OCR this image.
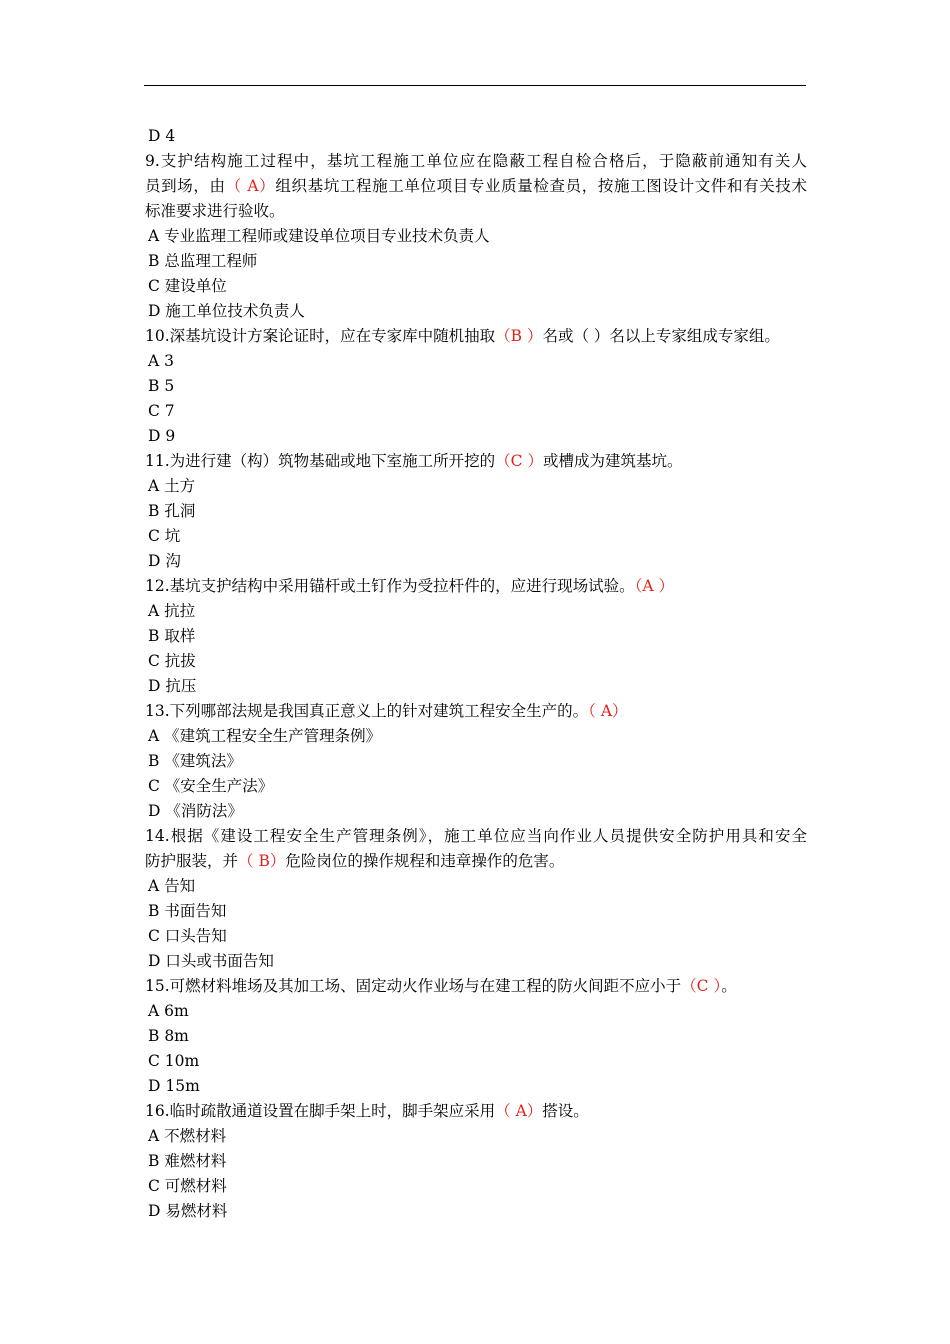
D 4
9.支护结构施工过程中，基坑工程施工单位应在隐蔽工程自检合格后，于隐蔽前通知有关人
员到场，由（ A）组织基坑工程施工单位项目专业质量检查员，按施工图设计文件和有关技术
标准要求进行验收。
A 专业监理工程师或建设单位项目专业技术负责人
B 总监理工程师
C 建设单位
D 施工单位技术负责人
10.深基坑设计方案论证时，应在专家库中随机抽取（B ）名或（ ）名以上专家组成专家组。
A 3
B 5
C 7
D 9
11.为进行建（构）筑物基础或地下室施工所开挖的（C ）或槽成为建筑基坑。
A 土方
B 孔洞
C 坑
D 沟
12.基坑支护结构中采用锚杆或土钉作为受拉杆件的，应进行现场试验。（A ）
A 抗拉
B 取样
C 抗拔
D 抗压
13.下列哪部法规是我国真正意义上的针对建筑工程安全生产的。（ A）
A 《建筑工程安全生产管理条例》
B 《建筑法》
C 《安全生产法》
D 《消防法》
14.根据《建设工程安全生产管理条例》，施工单位应当向作业人员提供安全防护用具和安全
防护服装，并（ B）危险岗位的操作规程和违章操作的危害。
A 告知
B 书面告知
C 口头告知
D 口头或书面告知
15.可燃材料堆场及其加工场、固定动火作业场与在建工程的防火间距不应小于（C ）。
A 6m
B 8m
C 10m
D 15m
16.临时疏散通道设置在脚手架上时，脚手架应采用（ A）搭设。
A 不燃材料
B 难燃材料
C 可燃材料
D 易燃材料
